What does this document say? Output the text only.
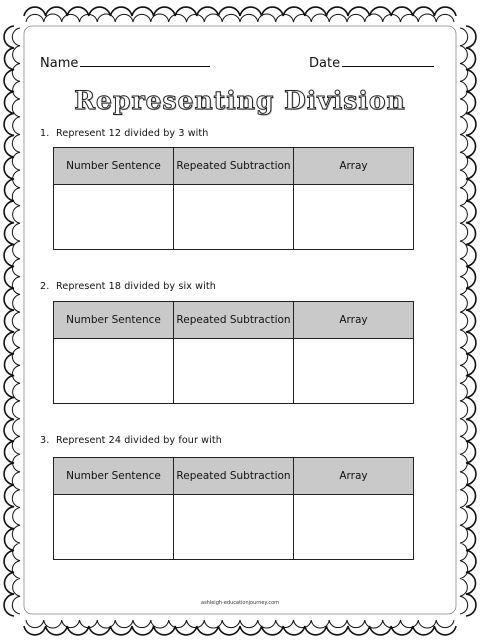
Name	Date
Representing Division
1. Represent 12 divided by 3 with
Number Sentence	Repeated Subtraction	Array

2. Represent 18 divided by six with
Number Sentence	Repeated Subtraction	Array

3. Represent 24 divided by four with
Number Sentence	Repeated Subtraction	Array

ashleigh-educationjourney.com
